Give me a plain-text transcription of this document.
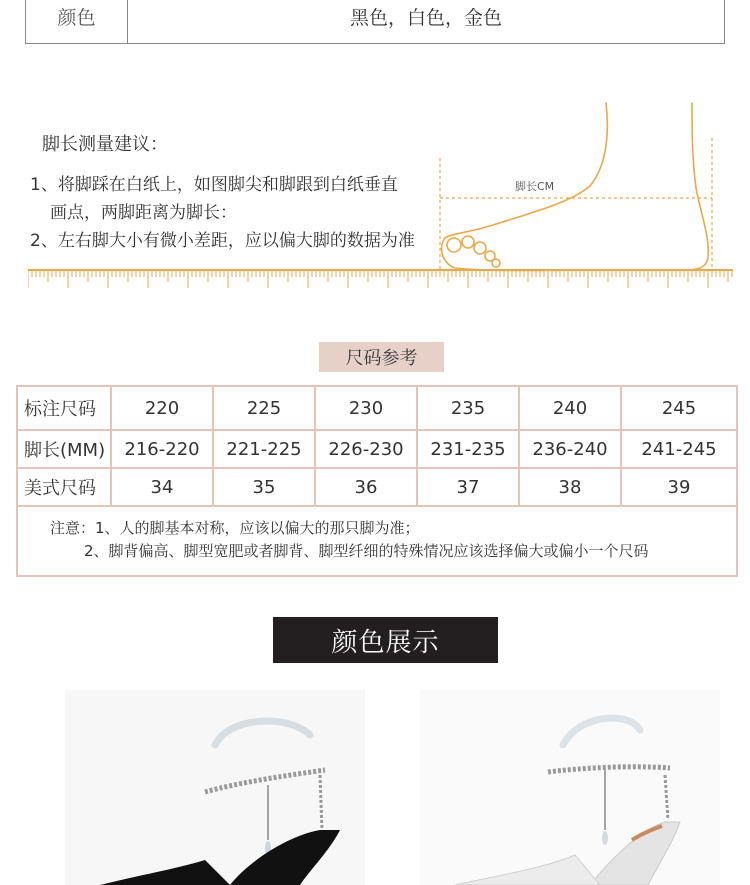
颜色	黑色，白色，金色
脚长测量建议：
1、将脚踩在白纸上，如图脚尖和脚跟到白纸垂直
画点，两脚距离为脚长：
2、左右脚大小有微小差距，应以偏大脚的数据为准
脚长CM
尺码参考
标注尺码	220	225	230	235	240	245
脚长(MM)	216-220	221-225	226-230	231-235	236-240	241-245
美式尺码	34	35	36	37	38	39
注意：1、人的脚基本对称，应该以偏大的那只脚为准；
2、脚背偏高、脚型宽肥或者脚背、脚型纤细的特殊情况应该选择偏大或偏小一个尺码
颜色展示
